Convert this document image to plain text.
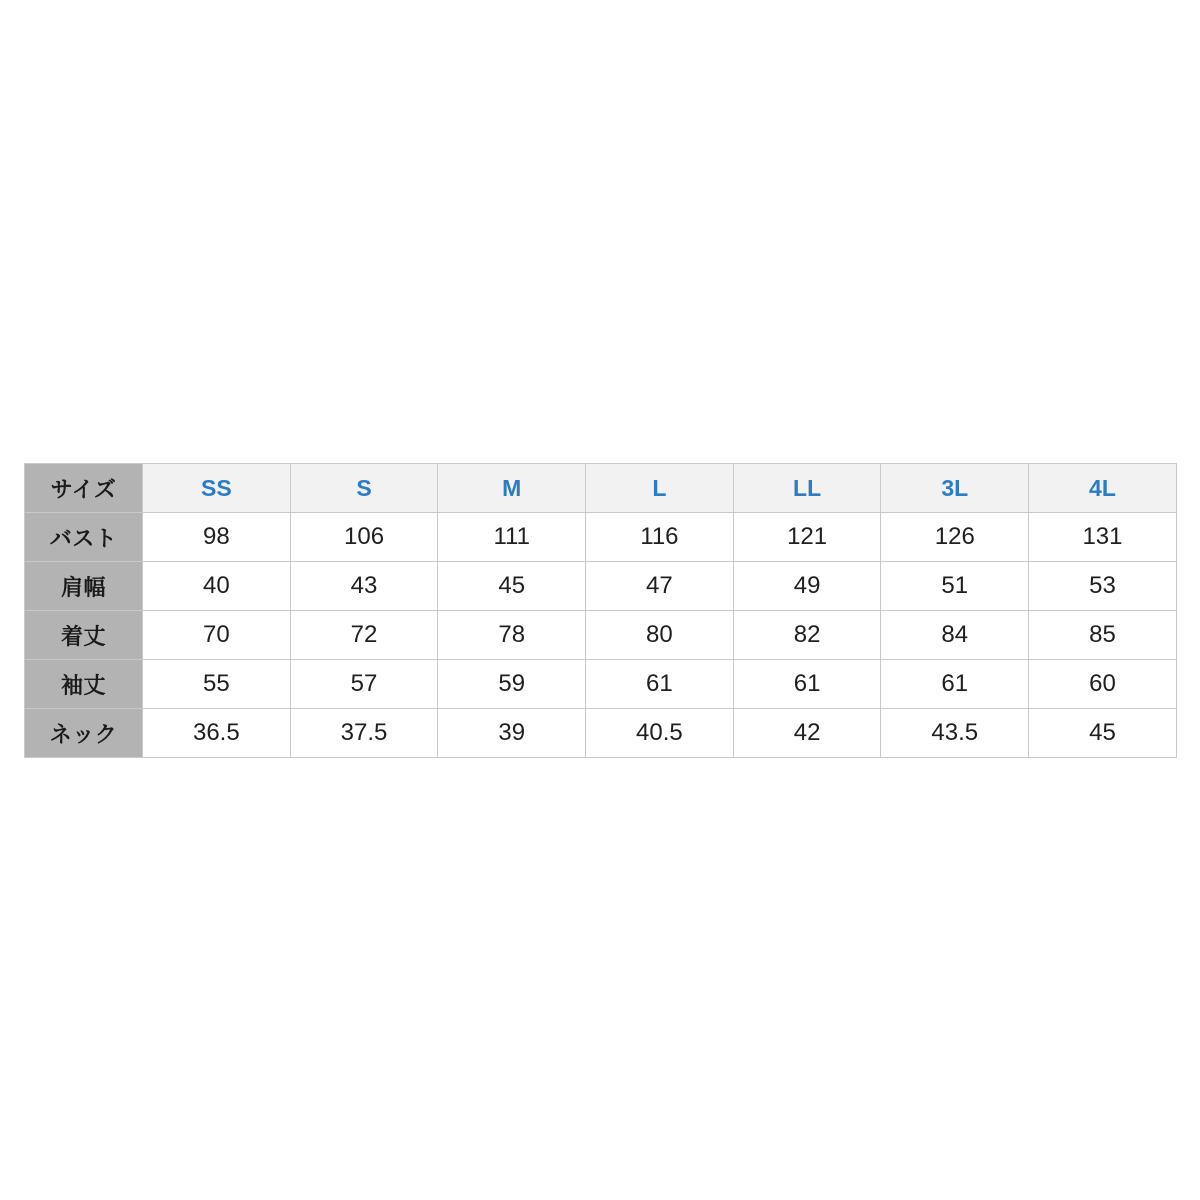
サイズ	SS	S	M	L	LL	3L	4L
バスト	98	106	111	116	121	126	131
肩幅	40	43	45	47	49	51	53
着丈	70	72	78	80	82	84	85
袖丈	55	57	59	61	61	61	60
ネック	36.5	37.5	39	40.5	42	43.5	45
